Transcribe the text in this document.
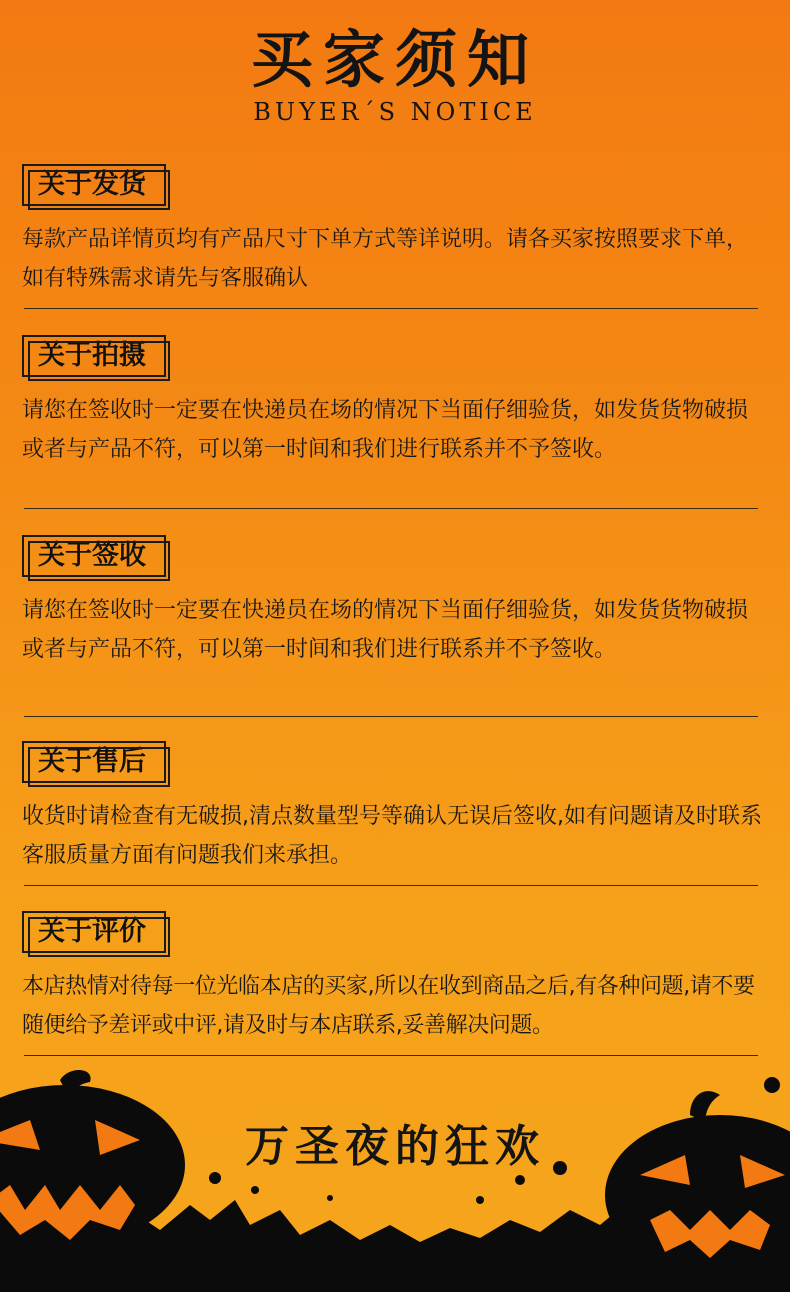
买家须知
BUYER´S NOTICE
关于发货
每款产品详情页均有产品尺寸下单方式等详说明。请各买家按照要求下单，如有特殊需求请先与客服确认
关于拍摄
请您在签收时一定要在快递员在场的情况下当面仔细验货，如发货货物破损或者与产品不符，可以第一时间和我们进行联系并不予签收。
关于签收
请您在签收时一定要在快递员在场的情况下当面仔细验货，如发货货物破损或者与产品不符，可以第一时间和我们进行联系并不予签收。
关于售后
收货时请检查有无破损,清点数量型号等确认无误后签收,如有问题请及时联系客服质量方面有问题我们来承担。
关于评价
本店热情对待每一位光临本店的买家,所以在收到商品之后,有各种问题,请不要随便给予差评或中评,请及时与本店联系,妥善解决问题。
万圣夜的狂欢
